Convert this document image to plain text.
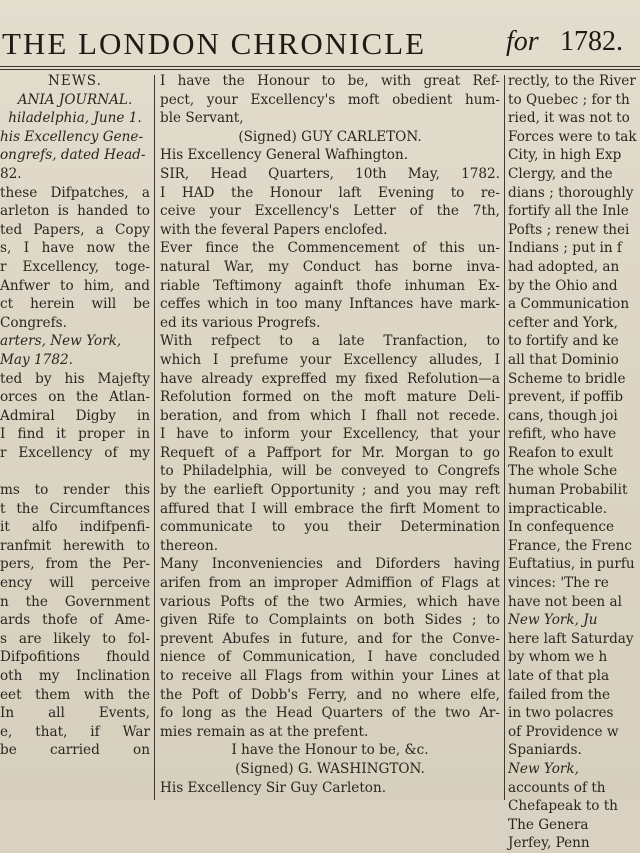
THE LONDON CHRONICLE	for 1782.
NEWS.
ANIA JOURNAL.
hiladelphia, June 1.
his Excellency Gene-
ongrefs, dated Head-
82.
these Difpatches, a
arleton is handed to
ted Papers, a Copy
s, I have now the
r Excellency, toge-
Anfwer to him, and
ct herein will be
Congrefs.
arters, New York,
May 1782.
ted by his Majefty
orces on the Atlan-
Admiral Digby in
I find it proper in
r Excellency of my

ms to render this
t the Circumftances
it alfo indifpenfi-
ranfmit herewith to
pers, from the Per-
ency will perceive
n the Government
ards thofe of Ame-
s are likely to fol-
Difpofitions fhould
oth my Inclination
eet them with the
In all Events,
e, that, if War
be carried on
I have the Honour to be, with great Ref-
pect, your Excellency's moft obedient hum-
ble Servant,
(Signed) GUY CARLETON.
His Excellency General Wafhington.
SIR, Head Quarters, 10th May, 1782.
I HAD the Honour laft Evening to re-
ceive your Excellency's Letter of the 7th,
with the feveral Papers enclofed.
Ever fince the Commencement of this un-
natural War, my Conduct has borne inva-
riable Teftimony againft thofe inhuman Ex-
ceffes which in too many Inftances have mark-
ed its various Progrefs.
With refpect to a late Tranfaction, to
which I prefume your Excellency alludes, I
have already expreffed my fixed Refolution—a
Refolution formed on the moft mature Deli-
beration, and from which I fhall not recede.
I have to inform your Excellency, that your
Requeft of a Paffport for Mr. Morgan to go
to Philadelphia, will be conveyed to Congrefs
by the earlieft Opportunity ; and you may reft
affured that I will embrace the firft Moment to
communicate to you their Determination
thereon.
Many Inconveniencies and Diforders having
arifen from an improper Admiffion of Flags at
various Pofts of the two Armies, which have
given Rife to Complaints on both Sides ; to
prevent Abufes in future, and for the Conve-
nience of Communication, I have concluded
to receive all Flags from within your Lines at
the Poft of Dobb's Ferry, and no where elfe,
fo long as the Head Quarters of the two Ar-
mies remain as at the prefent.
I have the Honour to be, &c.
(Signed) G. WASHINGTON.
His Excellency Sir Guy Carleton.
rectly, to the River
to Quebec ; for th
ried, it was not to
Forces were to tak
City, in high Exp
Clergy, and the
dians ; thoroughly
fortify all the Inle
Pofts ; renew thei
Indians ; put in f
had adopted, an
by the Ohio and
a Communication
cefter and York,
to fortify and ke
all that Dominio
Scheme to bridle
prevent, if poffib
cans, though joi
refift, who have
Reafon to exult
The whole Sche
human Probabilit
impracticable.
In confequence
France, the Frenc
Euftatius, in purfu
vinces: 'The re
have not been al
New York, Ju
here laft Saturday
by whom we h
late of that pla
failed from the
in two polacres
of Providence w
Spaniards.
New York,
accounts of th
Chefapeak to th
The Genera
Jerfey, Penn
